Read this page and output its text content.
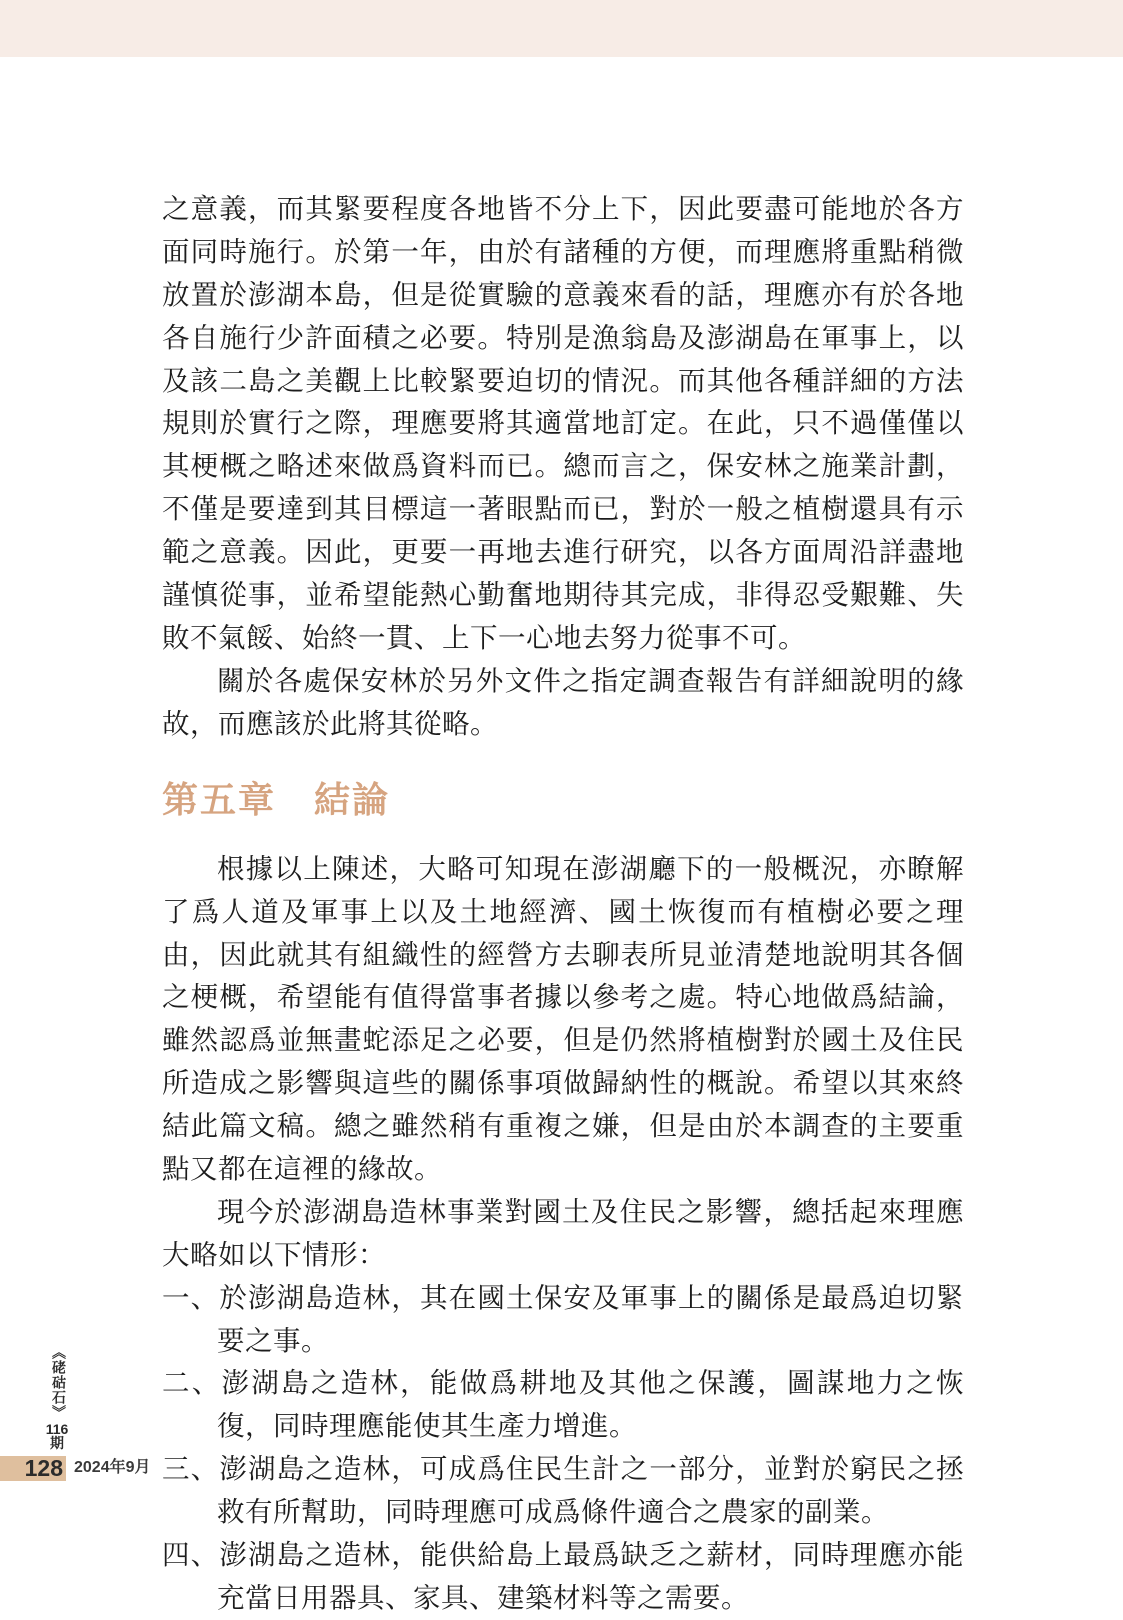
之意義，而其緊要程度各地皆不分上下，因此要盡可能地於各方面同時施行。於第一年，由於有諸種的方便，而理應將重點稍微放置於澎湖本島，但是從實驗的意義來看的話，理應亦有於各地各自施行少許面積之必要。特別是漁翁島及澎湖島在軍事上，以及該二島之美觀上比較緊要迫切的情況。而其他各種詳細的方法規則於實行之際，理應要將其適當地訂定。在此，只不過僅僅以其梗概之略述來做爲資料而已。總而言之，保安林之施業計劃，不僅是要達到其目標這一著眼點而已，對於一般之植樹還具有示範之意義。因此，更要一再地去進行研究，以各方面周沿詳盡地謹慎從事，並希望能熱心勤奮地期待其完成，非得忍受艱難、失敗不氣餒、始終一貫、上下一心地去努力從事不可。

關於各處保安林於另外文件之指定調查報告有詳細說明的緣故，而應該於此將其從略。

第五章　結論

根據以上陳述，大略可知現在澎湖廳下的一般概況，亦瞭解了爲人道及軍事上以及土地經濟、國土恢復而有植樹必要之理由，因此就其有組織性的經營方去聊表所見並清楚地說明其各個之梗概，希望能有值得當事者據以參考之處。特心地做爲結論，雖然認爲並無畫蛇添足之必要，但是仍然將植樹對於國土及住民所造成之影響與這些的關係事項做歸納性的概說。希望以其來終結此篇文稿。總之雖然稍有重複之嫌，但是由於本調查的主要重點又都在這裡的緣故。

現今於澎湖島造林事業對國土及住民之影響，總括起來理應大略如以下情形：

一、於澎湖島造林，其在國土保安及軍事上的關係是最爲迫切緊要之事。
二、澎湖島之造林，能做爲耕地及其他之保護，圖謀地力之恢復，同時理應能使其生產力增進。
三、澎湖島之造林，可成爲住民生計之一部分，並對於窮民之拯救有所幫助，同時理應可成爲條件適合之農家的副業。
四、澎湖島之造林，能供給島上最爲缺乏之薪材，同時理應亦能充當日用器具、家具、建築材料等之需要。
《硓𥑮石》
116
期
128 2024年9月
